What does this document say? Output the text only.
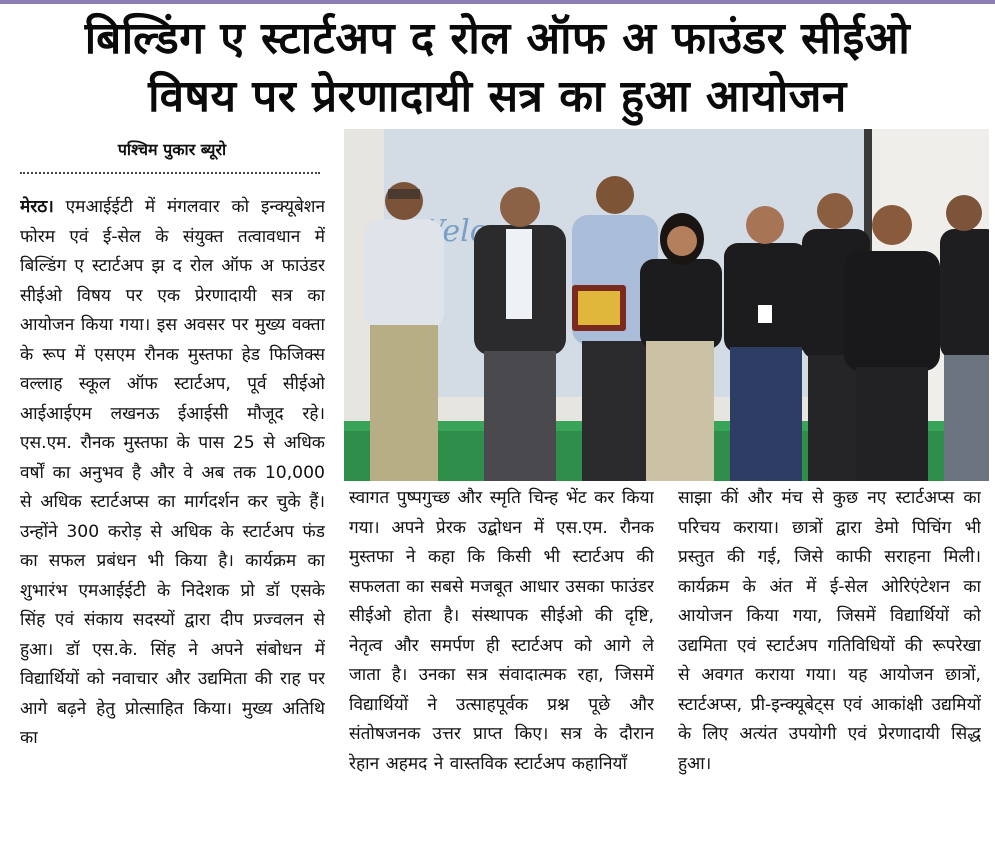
बिल्डिंग ए स्टार्टअप द रोल ऑफ अ फाउंडर सीईओ
विषय पर प्रेरणादायी सत्र का हुआ आयोजन
पश्चिम पुकार ब्यूरो
मेरठ। एमआईईटी में मंगलवार को इन्क्यूबेशन फोरम एवं ई-सेल के संयुक्त तत्वावधान में बिल्डिंग ए स्टार्टअप झ द रोल ऑफ अ फाउंडर सीईओ विषय पर एक प्रेरणादायी सत्र का आयोजन किया गया। इस अवसर पर मुख्य वक्ता के रूप में एसएम रौनक मुस्तफा हेड फिजिक्स वल्लाह स्कूल ऑफ स्टार्टअप, पूर्व सीईओ आईआईएम लखनऊ ईआईसी मौजूद रहे। एस.एम. रौनक मुस्तफा के पास 25 से अधिक वर्षों का अनुभव है और वे अब तक 10,000 से अधिक स्टार्टअप्स का मार्गदर्शन कर चुके हैं। उन्होंने 300 करोड़ से अधिक के स्टार्टअप फंड का सफल प्रबंधन भी किया है। कार्यक्रम का शुभारंभ एमआईईटी के निदेशक प्रो डॉ एसके सिंह एवं संकाय सदस्यों द्वारा दीप प्रज्वलन से हुआ। डॉ एस.के. सिंह ने अपने संबोधन में विद्यार्थियों को नवाचार और उद्यमिता की राह पर आगे बढ़ने हेतु प्रोत्साहित किया। मुख्य अतिथि का
स्वागत पुष्पगुच्छ और स्मृति चिन्ह भेंट कर किया गया। अपने प्रेरक उद्बोधन में एस.एम. रौनक मुस्तफा ने कहा कि किसी भी स्टार्टअप की सफलता का सबसे मजबूत आधार उसका फाउंडर सीईओ होता है। संस्थापक सीईओ की दृष्टि, नेतृत्व और समर्पण ही स्टार्टअप को आगे ले जाता है। उनका सत्र संवादात्मक रहा, जिसमें विद्यार्थियों ने उत्साहपूर्वक प्रश्न पूछे और संतोषजनक उत्तर प्राप्त किए। सत्र के दौरान रेहान अहमद ने वास्तविक स्टार्टअप कहानियाँ
साझा कीं और मंच से कुछ नए स्टार्टअप्स का परिचय कराया। छात्रों द्वारा डेमो पिचिंग भी प्रस्तुत की गई, जिसे काफी सराहना मिली। कार्यक्रम के अंत में ई-सेल ओरिएंटेशन का आयोजन किया गया, जिसमें विद्यार्थियों को उद्यमिता एवं स्टार्टअप गतिविधियों की रूपरेखा से अवगत कराया गया। यह आयोजन छात्रों, स्टार्टअप्स, प्री-इन्क्यूबेट्स एवं आकांक्षी उद्यमियों के लिए अत्यंत उपयोगी एवं प्रेरणादायी सिद्ध हुआ।
